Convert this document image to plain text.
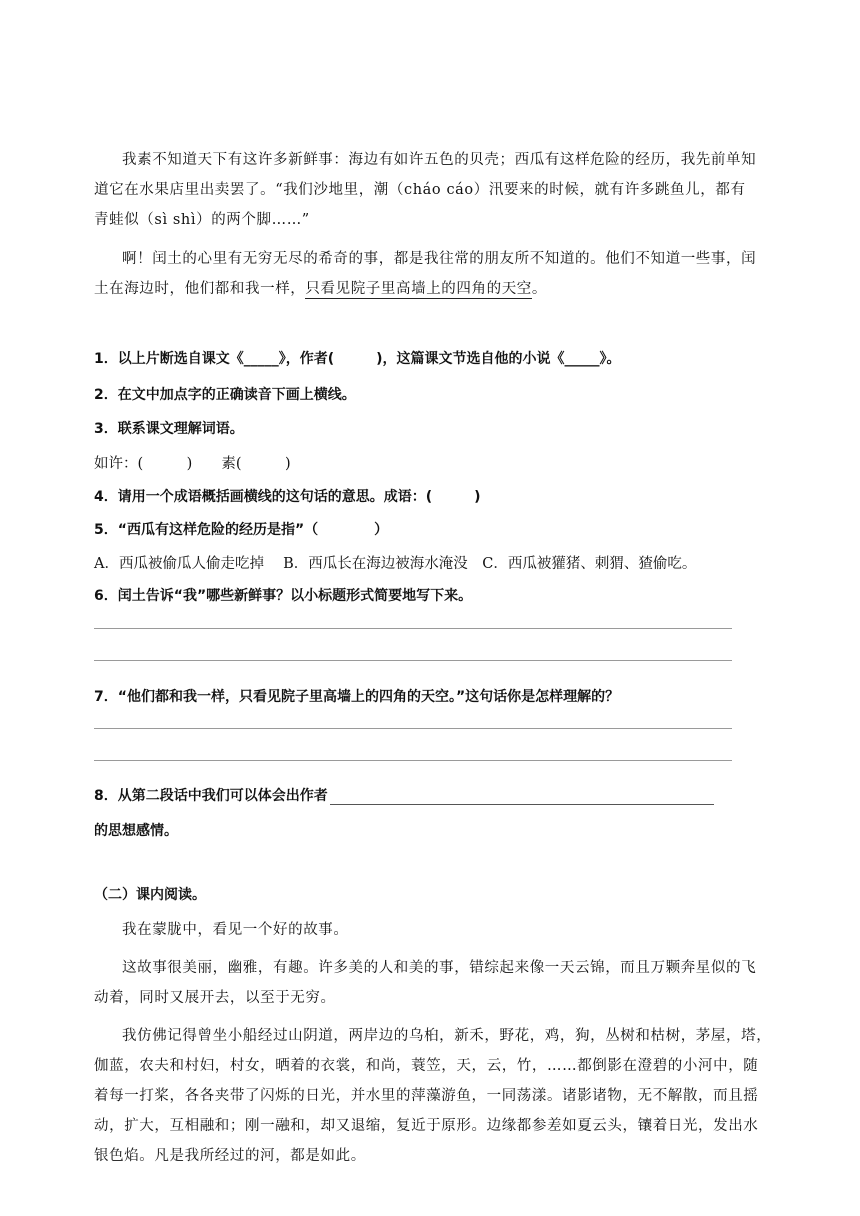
我素不知道天下有这许多新鲜事：海边有如许五色的贝壳；西瓜有这样危险的经历，我先前单知
道它在水果店里出卖罢了。“我们沙地里，潮（cháo cáo）汛要来的时候，就有许多跳鱼儿，都有
青蛙似（sì shì）的两个脚……”
啊！闰土的心里有无穷无尽的希奇的事，都是我往常的朋友所不知道的。他们不知道一些事，闰
土在海边时，他们都和我一样，只看见院子里高墙上的四角的天空。
1．以上片断选自课文《_____》，作者(　　　)，这篇课文节选自他的小说《_____》。
2．在文中加点字的正确读音下画上横线。
3．联系课文理解词语。
如许：(　　　)　　素(　　　)
4．请用一个成语概括画横线的这句话的意思。成语：(　　　)
5．“西瓜有这样危险的经历是指”（　　　　）
A．西瓜被偷瓜人偷走吃掉　 B．西瓜长在海边被海水淹没　C．西瓜被獾猪、刺猬、猹偷吃。
6．闰土告诉“我”哪些新鲜事？以小标题形式简要地写下来。
7．“他们都和我一样，只看见院子里高墙上的四角的天空。”这句话你是怎样理解的？
8．从第二段话中我们可以体会出作者
的思想感情。
（二）课内阅读。
我在蒙胧中，看见一个好的故事。
这故事很美丽，幽雅，有趣。许多美的人和美的事，错综起来像一天云锦，而且万颗奔星似的飞
动着，同时又展开去，以至于无穷。
我仿佛记得曾坐小船经过山阴道，两岸边的乌桕，新禾，野花，鸡，狗，丛树和枯树，茅屋，塔，
伽蓝，农夫和村妇，村女，晒着的衣裳，和尚，蓑笠，天，云，竹，……都倒影在澄碧的小河中，随
着每一打桨，各各夹带了闪烁的日光，并水里的萍藻游鱼，一同荡漾。诸影诸物，无不解散，而且摇
动，扩大，互相融和；刚一融和，却又退缩，复近于原形。边缘都参差如夏云头，镶着日光，发出水
银色焰。凡是我所经过的河，都是如此。
